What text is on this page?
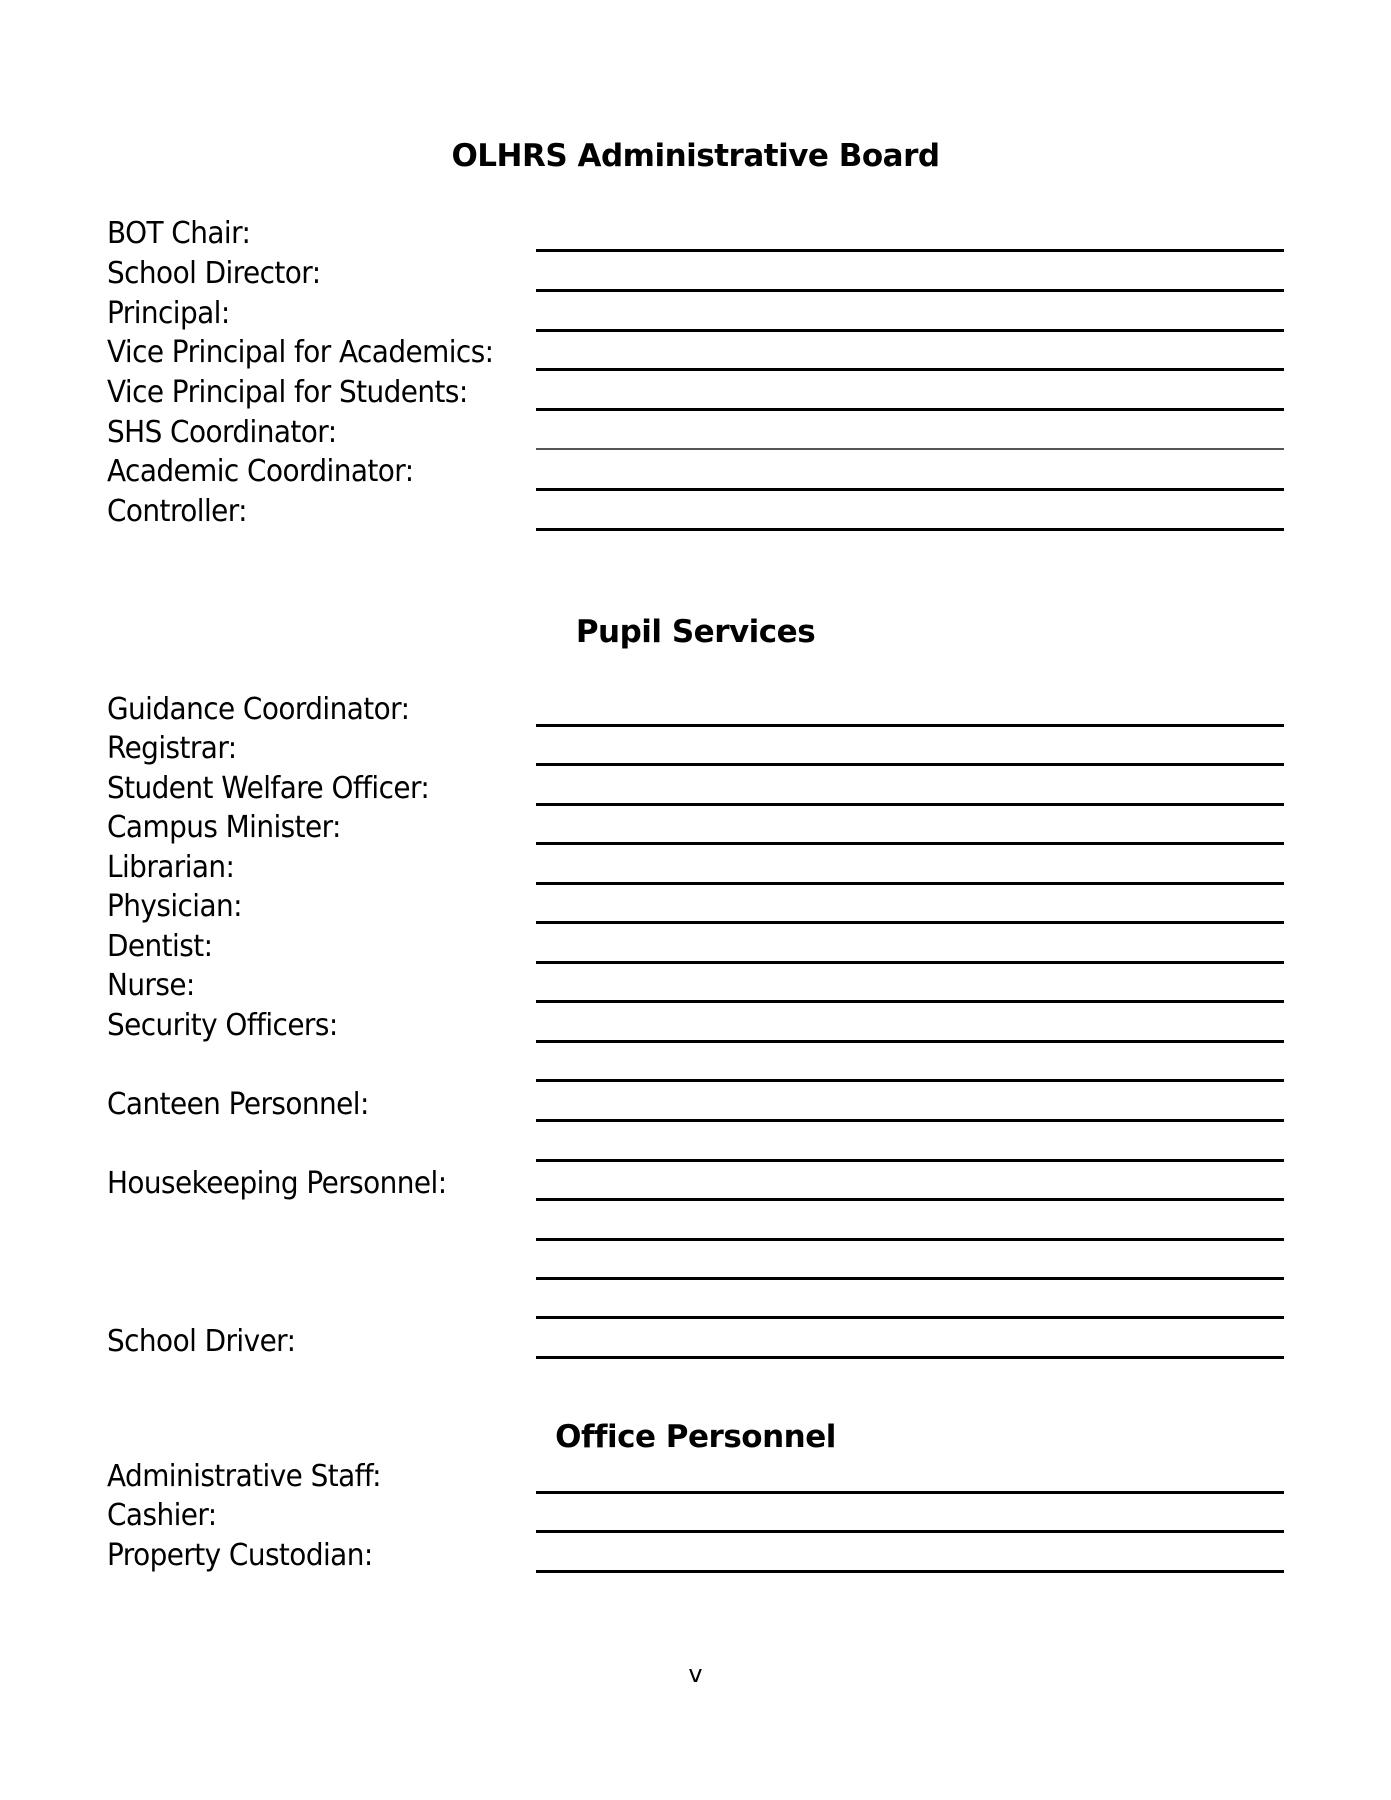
OLHRS Administrative Board
BOT Chair:
School Director:
Principal:
Vice Principal for Academics:
Vice Principal for Students:
SHS Coordinator:
Academic Coordinator:
Controller:
Pupil Services
Guidance Coordinator:
Registrar:
Student Welfare Officer:
Campus Minister:
Librarian:
Physician:
Dentist:
Nurse:
Security Officers:
Canteen Personnel:
Housekeeping Personnel:
School Driver:
Office Personnel
Administrative Staff:
Cashier:
Property Custodian:
v
